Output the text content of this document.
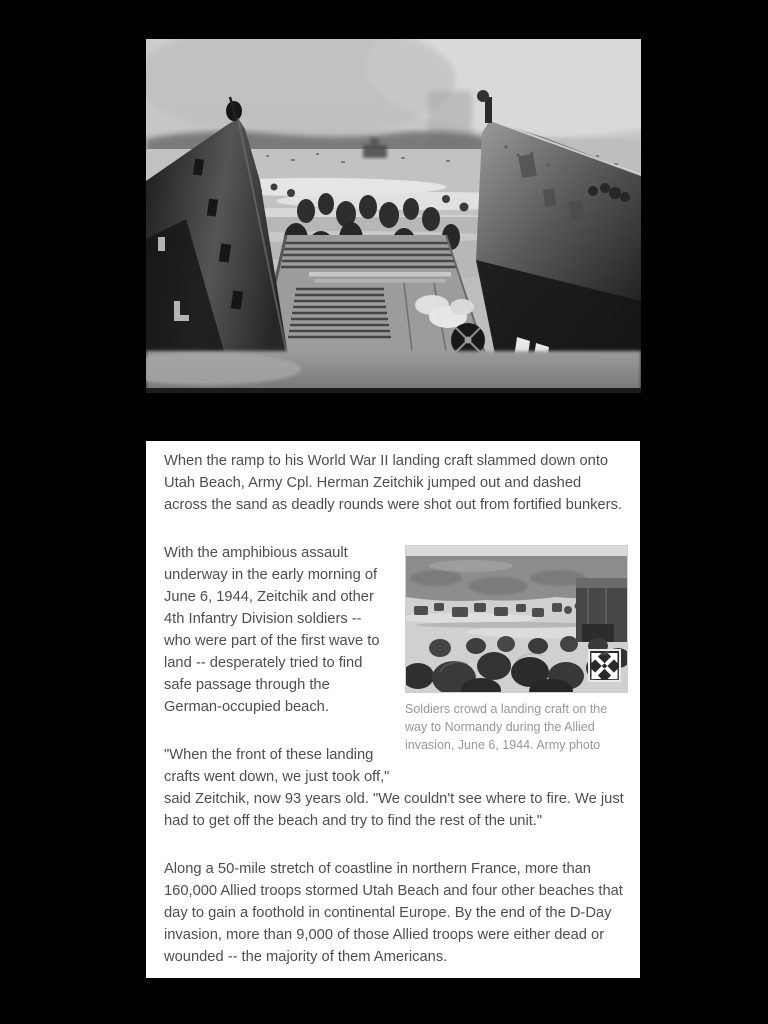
When the ramp to his World War II landing craft slammed down onto Utah Beach, Army Cpl. Herman Zeitchik jumped out and dashed across the sand as deadly rounds were shot out from fortified bunkers.
Soldiers crowd a landing craft on the way to Normandy during the Allied invasion, June 6, 1944. Army photo
With the amphibious assault underway in the early morning of June 6, 1944, Zeitchik and other 4th Infantry Division soldiers -- who were part of the first wave to land -- desperately tried to find safe passage through the German-occupied beach.
"When the front of these landing crafts went down, we just took off," said Zeitchik, now 93 years old. "We couldn't see where to fire. We just had to get off the beach and try to find the rest of the unit."
Along a 50-mile stretch of coastline in northern France, more than 160,000 Allied troops stormed Utah Beach and four other beaches that day to gain a foothold in continental Europe. By the end of the D-Day invasion, more than 9,000 of those Allied troops were either dead or wounded -- the majority of them Americans.
